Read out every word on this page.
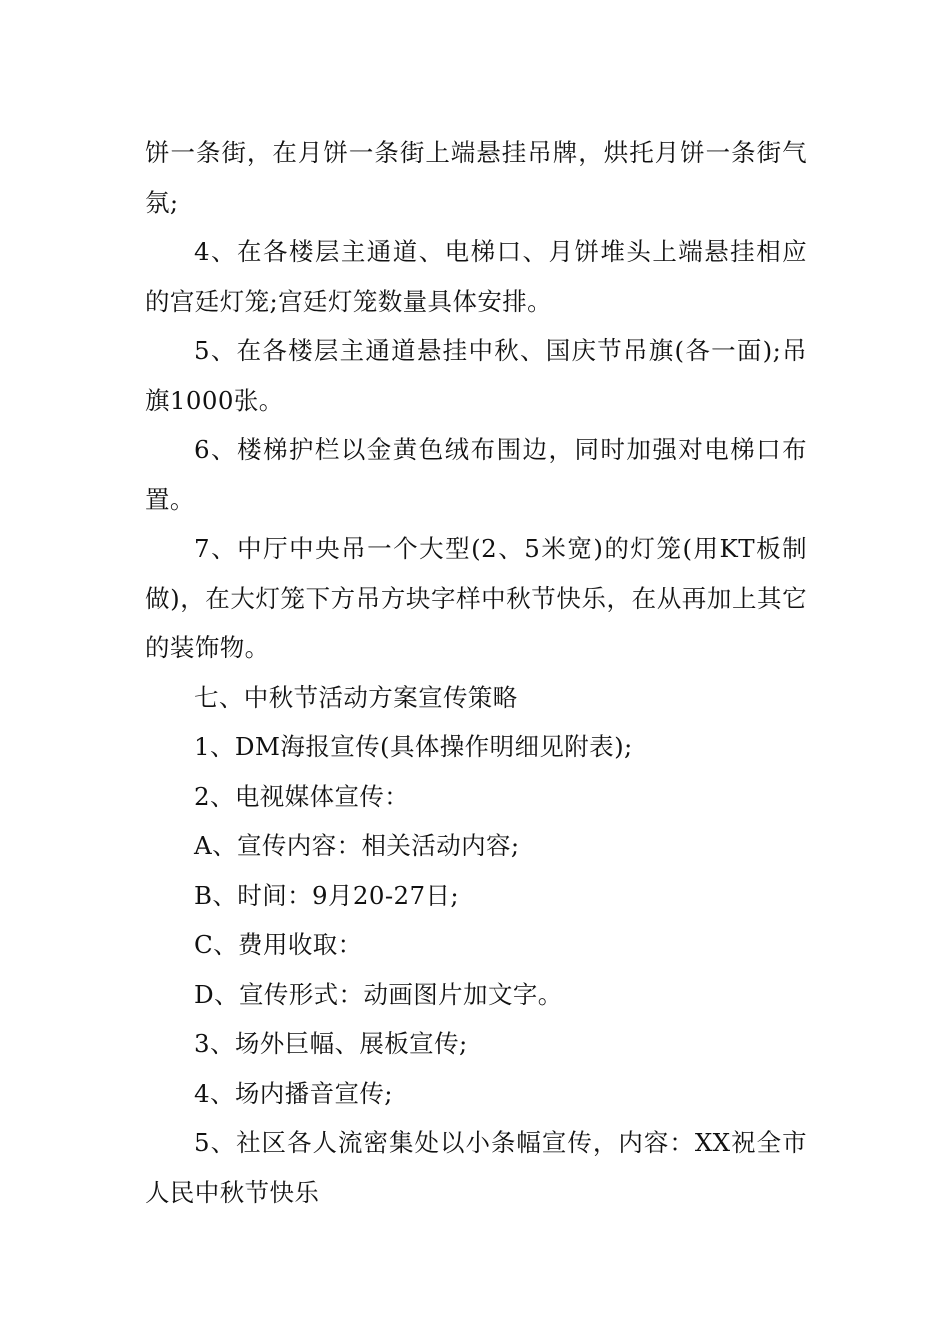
饼一条街，在月饼一条街上端悬挂吊牌，烘托月饼一条街气氛;

4、在各楼层主通道、电梯口、月饼堆头上端悬挂相应的宫廷灯笼;宫廷灯笼数量具体安排。

5、在各楼层主通道悬挂中秋、国庆节吊旗(各一面);吊旗1000张。

6、楼梯护栏以金黄色绒布围边，同时加强对电梯口布置。

7、中厅中央吊一个大型(2、5米宽)的灯笼(用KT板制做)，在大灯笼下方吊方块字样中秋节快乐，在从再加上其它的装饰物。

七、中秋节活动方案宣传策略

1、DM海报宣传(具体操作明细见附表);

2、电视媒体宣传：

A、宣传内容：相关活动内容;

B、时间：9月20-27日;

C、费用收取：

D、宣传形式：动画图片加文字。

3、场外巨幅、展板宣传;

4、场内播音宣传;

5、社区各人流密集处以小条幅宣传，内容：XX祝全市人民中秋节快乐
